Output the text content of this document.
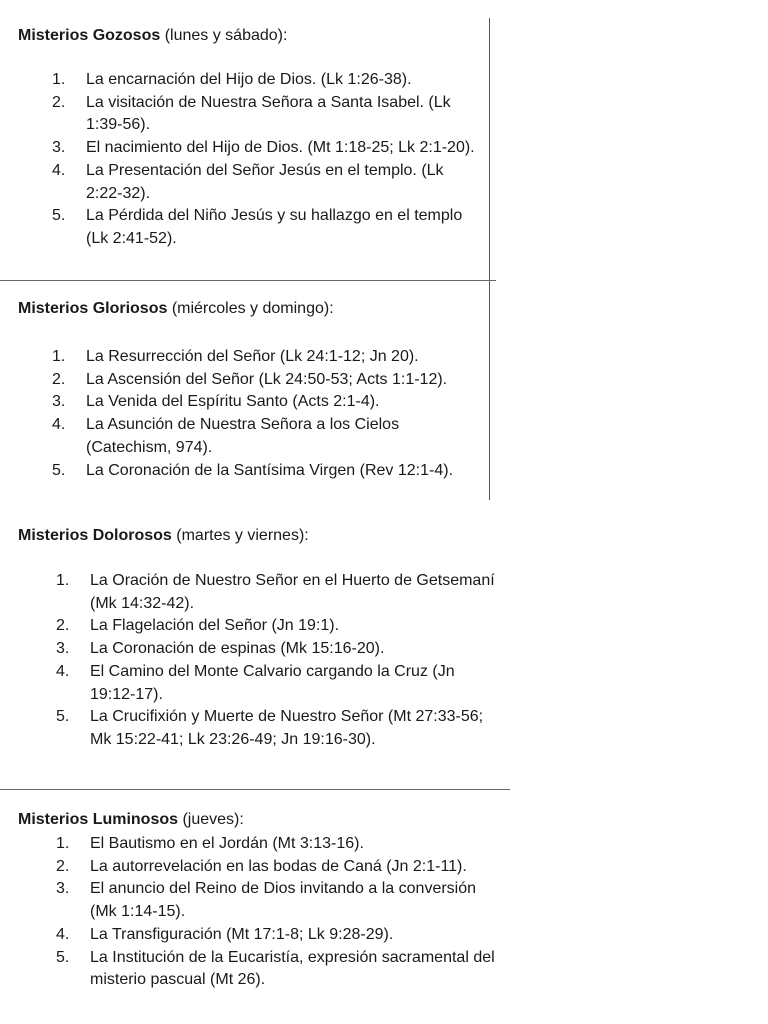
Misterios Gozosos (lunes y sábado):
1. La encarnación del Hijo de Dios. (Lk 1:26-38).
2. La visitación de Nuestra Señora a Santa Isabel. (Lk 1:39-56).
3. El nacimiento del Hijo de Dios. (Mt 1:18-25; Lk 2:1-20).
4. La Presentación del Señor Jesús en el templo. (Lk 2:22-32).
5. La Pérdida del Niño Jesús y su hallazgo en el templo (Lk 2:41-52).
Misterios Gloriosos (miércoles y domingo):
1. La Resurrección del Señor (Lk 24:1-12; Jn 20).
2. La Ascensión del Señor (Lk 24:50-53; Acts 1:1-12).
3. La Venida del Espíritu Santo (Acts 2:1-4).
4. La Asunción de Nuestra Señora a los Cielos (Catechism, 974).
5. La Coronación de la Santísima Virgen (Rev 12:1-4).
Misterios Dolorosos (martes y viernes):
1. La Oración de Nuestro Señor en el Huerto de Getsemaní (Mk 14:32-42).
2. La Flagelación del Señor (Jn 19:1).
3. La Coronación de espinas (Mk 15:16-20).
4. El Camino del Monte Calvario cargando la Cruz (Jn 19:12-17).
5. La Crucifixión y Muerte de Nuestro Señor (Mt 27:33-56; Mk 15:22-41; Lk 23:26-49; Jn 19:16-30).
Misterios Luminosos (jueves):
1. El Bautismo en el Jordán (Mt 3:13-16).
2. La autorrevelación en las bodas de Caná (Jn 2:1-11).
3. El anuncio del Reino de Dios invitando a la conversión (Mk 1:14-15).
4. La Transfiguración (Mt 17:1-8; Lk 9:28-29).
5. La Institución de la Eucaristía, expresión sacramental del misterio pascual (Mt 26).
